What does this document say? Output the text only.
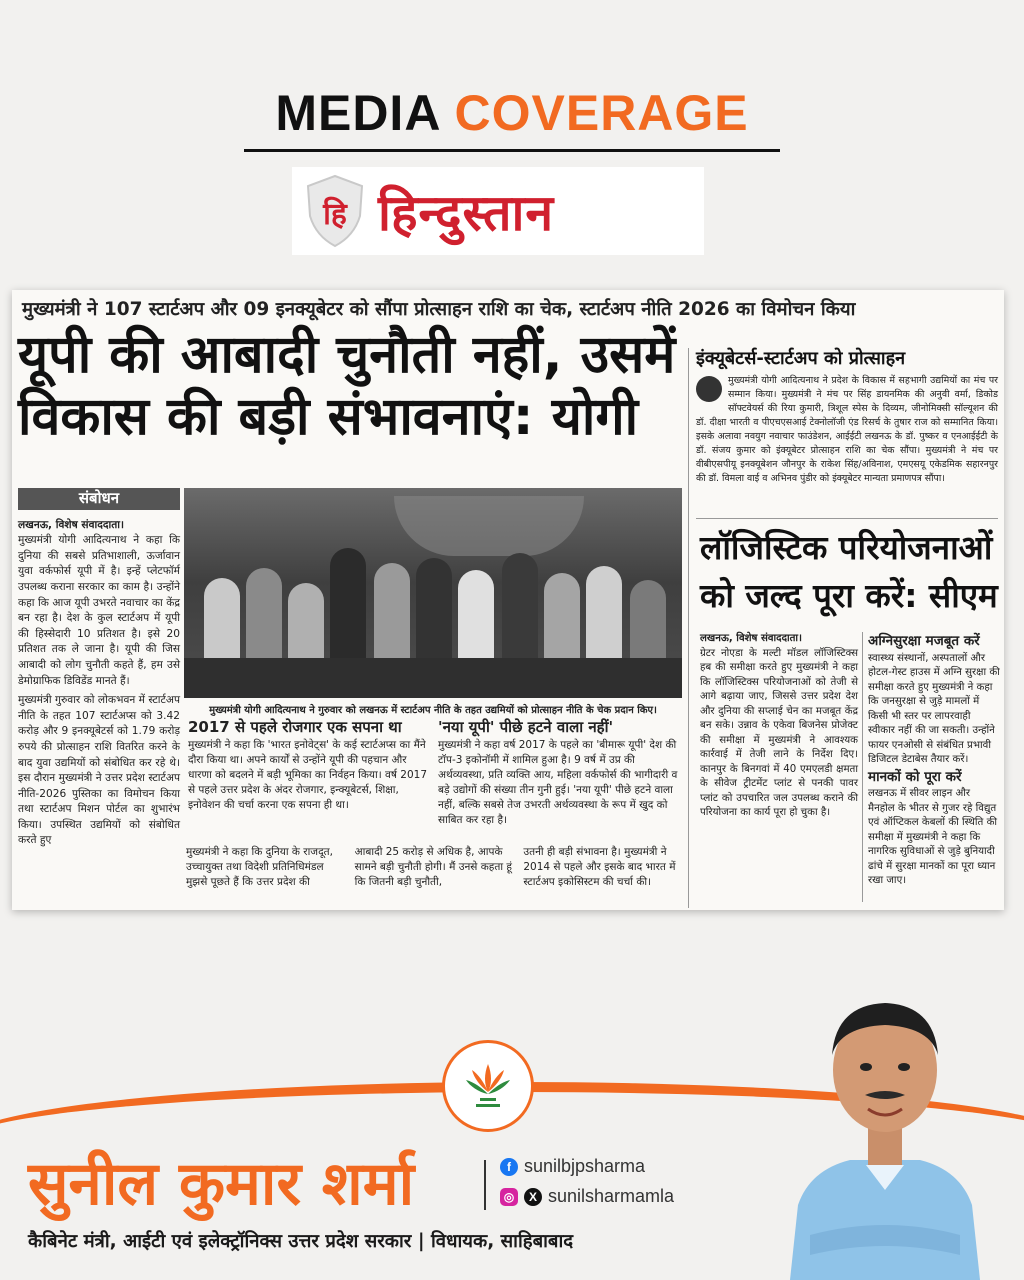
MEDIA COVERAGE
हि हिन्दुस्तान
मुख्यमंत्री ने 107 स्टार्टअप और 09 इनक्यूबेटर को सौंपा प्रोत्साहन राशि का चेक, स्टार्टअप नीति 2026 का विमोचन किया
यूपी की आबादी चुनौती नहीं, उसमें विकास की बड़ी संभावनाएं: योगी
संबोधन

लखनऊ, विशेष संवाददाता।

मुख्यमंत्री योगी आदित्यनाथ ने कहा कि दुनिया की सबसे प्रतिभाशाली, ऊर्जावान युवा वर्कफोर्स यूपी में है। इन्हें प्लेटफॉर्म उपलब्ध कराना सरकार का काम है। उन्होंने कहा कि आज यूपी उभरते नवाचार का केंद्र बन रहा है। देश के कुल स्टार्टअप में यूपी की हिस्सेदारी 10 प्रतिशत है। इसे 20 प्रतिशत तक ले जाना है। यूपी की जिस आबादी को लोग चुनौती कहते हैं, हम उसे डेमोग्राफिक डिविडेंड मानते हैं।

मुख्यमंत्री गुरुवार को लोकभवन में स्टार्टअप नीति के तहत 107 स्टार्टअप्स को 3.42 करोड़ और 9 इनक्यूबेटर्स को 1.79 करोड़ रुपये की प्रोत्साहन राशि वितरित करने के बाद युवा उद्यमियों को संबोधित कर रहे थे। इस दौरान मुख्यमंत्री ने उत्तर प्रदेश स्टार्टअप नीति-2026 पुस्तिका का विमोचन किया तथा स्टार्टअप मिशन पोर्टल का शुभारंभ किया। उपस्थित उद्यमियों को संबोधित करते हुए

मुख्यमंत्री योगी आदित्यनाथ ने गुरुवार को लखनऊ में स्टार्टअप नीति के तहत उद्यमियों को प्रोत्साहन नीति के चेक प्रदान किए।
2017 से पहले रोजगार एक सपना था

मुख्यमंत्री ने कहा कि 'भारत इनोवेट्स' के कई स्टार्टअप्स का मैंने दौरा किया था। अपने कार्यों से उन्होंने यूपी की पहचान और धारणा को बदलने में बड़ी भूमिका का निर्वहन किया। वर्ष 2017 से पहले उत्तर प्रदेश के अंदर रोजगार, इन्क्यूबेटर्स, शिक्षा, इनोवेशन की चर्चा करना एक सपना ही था।

'नया यूपी' पीछे हटने वाला नहीं'

मुख्यमंत्री ने कहा वर्ष 2017 के पहले का 'बीमारू यूपी' देश की टॉप-3 इकोनॉमी में शामिल हुआ है। 9 वर्ष में उप्र की अर्थव्यवस्था, प्रति व्यक्ति आय, महिला वर्कफोर्स की भागीदारी व बड़े उद्योगों की संख्या तीन गुनी हुई। 'नया यूपी' पीछे हटने वाला नहीं, बल्कि सबसे तेज उभरती अर्थव्यवस्था के रूप में खुद को साबित कर रहा है।

मुख्यमंत्री ने कहा कि दुनिया के राजदूत, उच्चायुक्त तथा विदेशी प्रतिनिधिमंडल मुझसे पूछते हैं कि उत्तर प्रदेश की
आबादी 25 करोड़ से अधिक है, आपके सामने बड़ी चुनौती होगी। मैं उनसे कहता हूं कि जितनी बड़ी चुनौती,
उतनी ही बड़ी संभावना है। मुख्यमंत्री ने 2014 से पहले और इसके बाद भारत में स्टार्टअप इकोसिस्टम की चर्चा की।
इंक्यूबेटर्स-स्टार्टअप को प्रोत्साहन
मुख्यमंत्री योगी आदित्यनाथ ने प्रदेश के विकास में सहभागी उद्यमियों का मंच पर सम्मान किया। मुख्यमंत्री ने मंच पर सिंह डायनमिक की अनुवी वर्मा, डिकोड सॉफ्टवेयर्स की रिया कुमारी, त्रिशूल स्पेस के दिव्यम, जीनोमिक्सी सॉल्यूशन की डॉ. दीक्षा भारती व पीएचएसआई टेक्नोलॉजी एंड रिसर्च के तुषार राज को सम्मानित किया। इसके अलावा नवयुग नवाचार फाउंडेशन, आईईटी लखनऊ के डॉ. पुष्कर व एनआईईटी के डॉ. संजय कुमार को इंक्यूबेटर प्रोत्साहन राशि का चेक सौंपा। मुख्यमंत्री ने मंच पर वीबीएसपीयू इनक्यूबेशन जौनपुर के राकेश सिंह/अविनाश, एमएसयू एकेडमिक सहारनपुर की डॉ. विमला वाई व अभिनव पुंडीर को इंक्यूबेटर मान्यता प्रमाणपत्र सौंपा।
लॉजिस्टिक परियोजनाओं को जल्द पूरा करें: सीएम

लखनऊ, विशेष संवाददाता।

ग्रेटर नोएडा के मल्टी मॉडल लॉजिस्टिक्स हब की समीक्षा करते हुए मुख्यमंत्री ने कहा कि लॉजिस्टिक्स परियोजनाओं को तेजी से आगे बढ़ाया जाए, जिससे उत्तर प्रदेश देश और दुनिया की सप्लाई चेन का मजबूत केंद्र बन सके। उन्नाव के एकेवा बिजनेस प्रोजेक्ट की समीक्षा में मुख्यमंत्री ने आवश्यक कार्रवाई में तेजी लाने के निर्देश दिए। कानपुर के बिनगवां में 40 एमएलडी क्षमता के सीवेज ट्रीटमेंट प्लांट से पनकी पावर प्लांट को उपचारित जल उपलब्ध कराने की परियोजना का कार्य पूरा हो चुका है।

अग्निसुरक्षा मजबूत करें

स्वास्थ्य संस्थानों, अस्पतालों और होटल-गेस्ट हाउस में अग्नि सुरक्षा की समीक्षा करते हुए मुख्यमंत्री ने कहा कि जनसुरक्षा से जुड़े मामलों में किसी भी स्तर पर लापरवाही स्वीकार नहीं की जा सकती। उन्होंने फायर एनओसी से संबंधित प्रभावी डिजिटल डेटाबेस तैयार करें।

मानकों को पूरा करें

लखनऊ में सीवर लाइन और मैनहोल के भीतर से गुजर रहे विद्युत एवं ऑप्टिकल केबलों की स्थिति की समीक्षा में मुख्यमंत्री ने कहा कि नागरिक सुविधाओं से जुड़े बुनियादी ढांचे में सुरक्षा मानकों का पूरा ध्यान रखा जाए।

सुनील कुमार शर्मा	f sunilbjpsharma
◎	X sunilsharmamla
कैबिनेट मंत्री, आईटी एवं इलेक्ट्रॉनिक्स उत्तर प्रदेश सरकार | विधायक, साहिबाबाद
